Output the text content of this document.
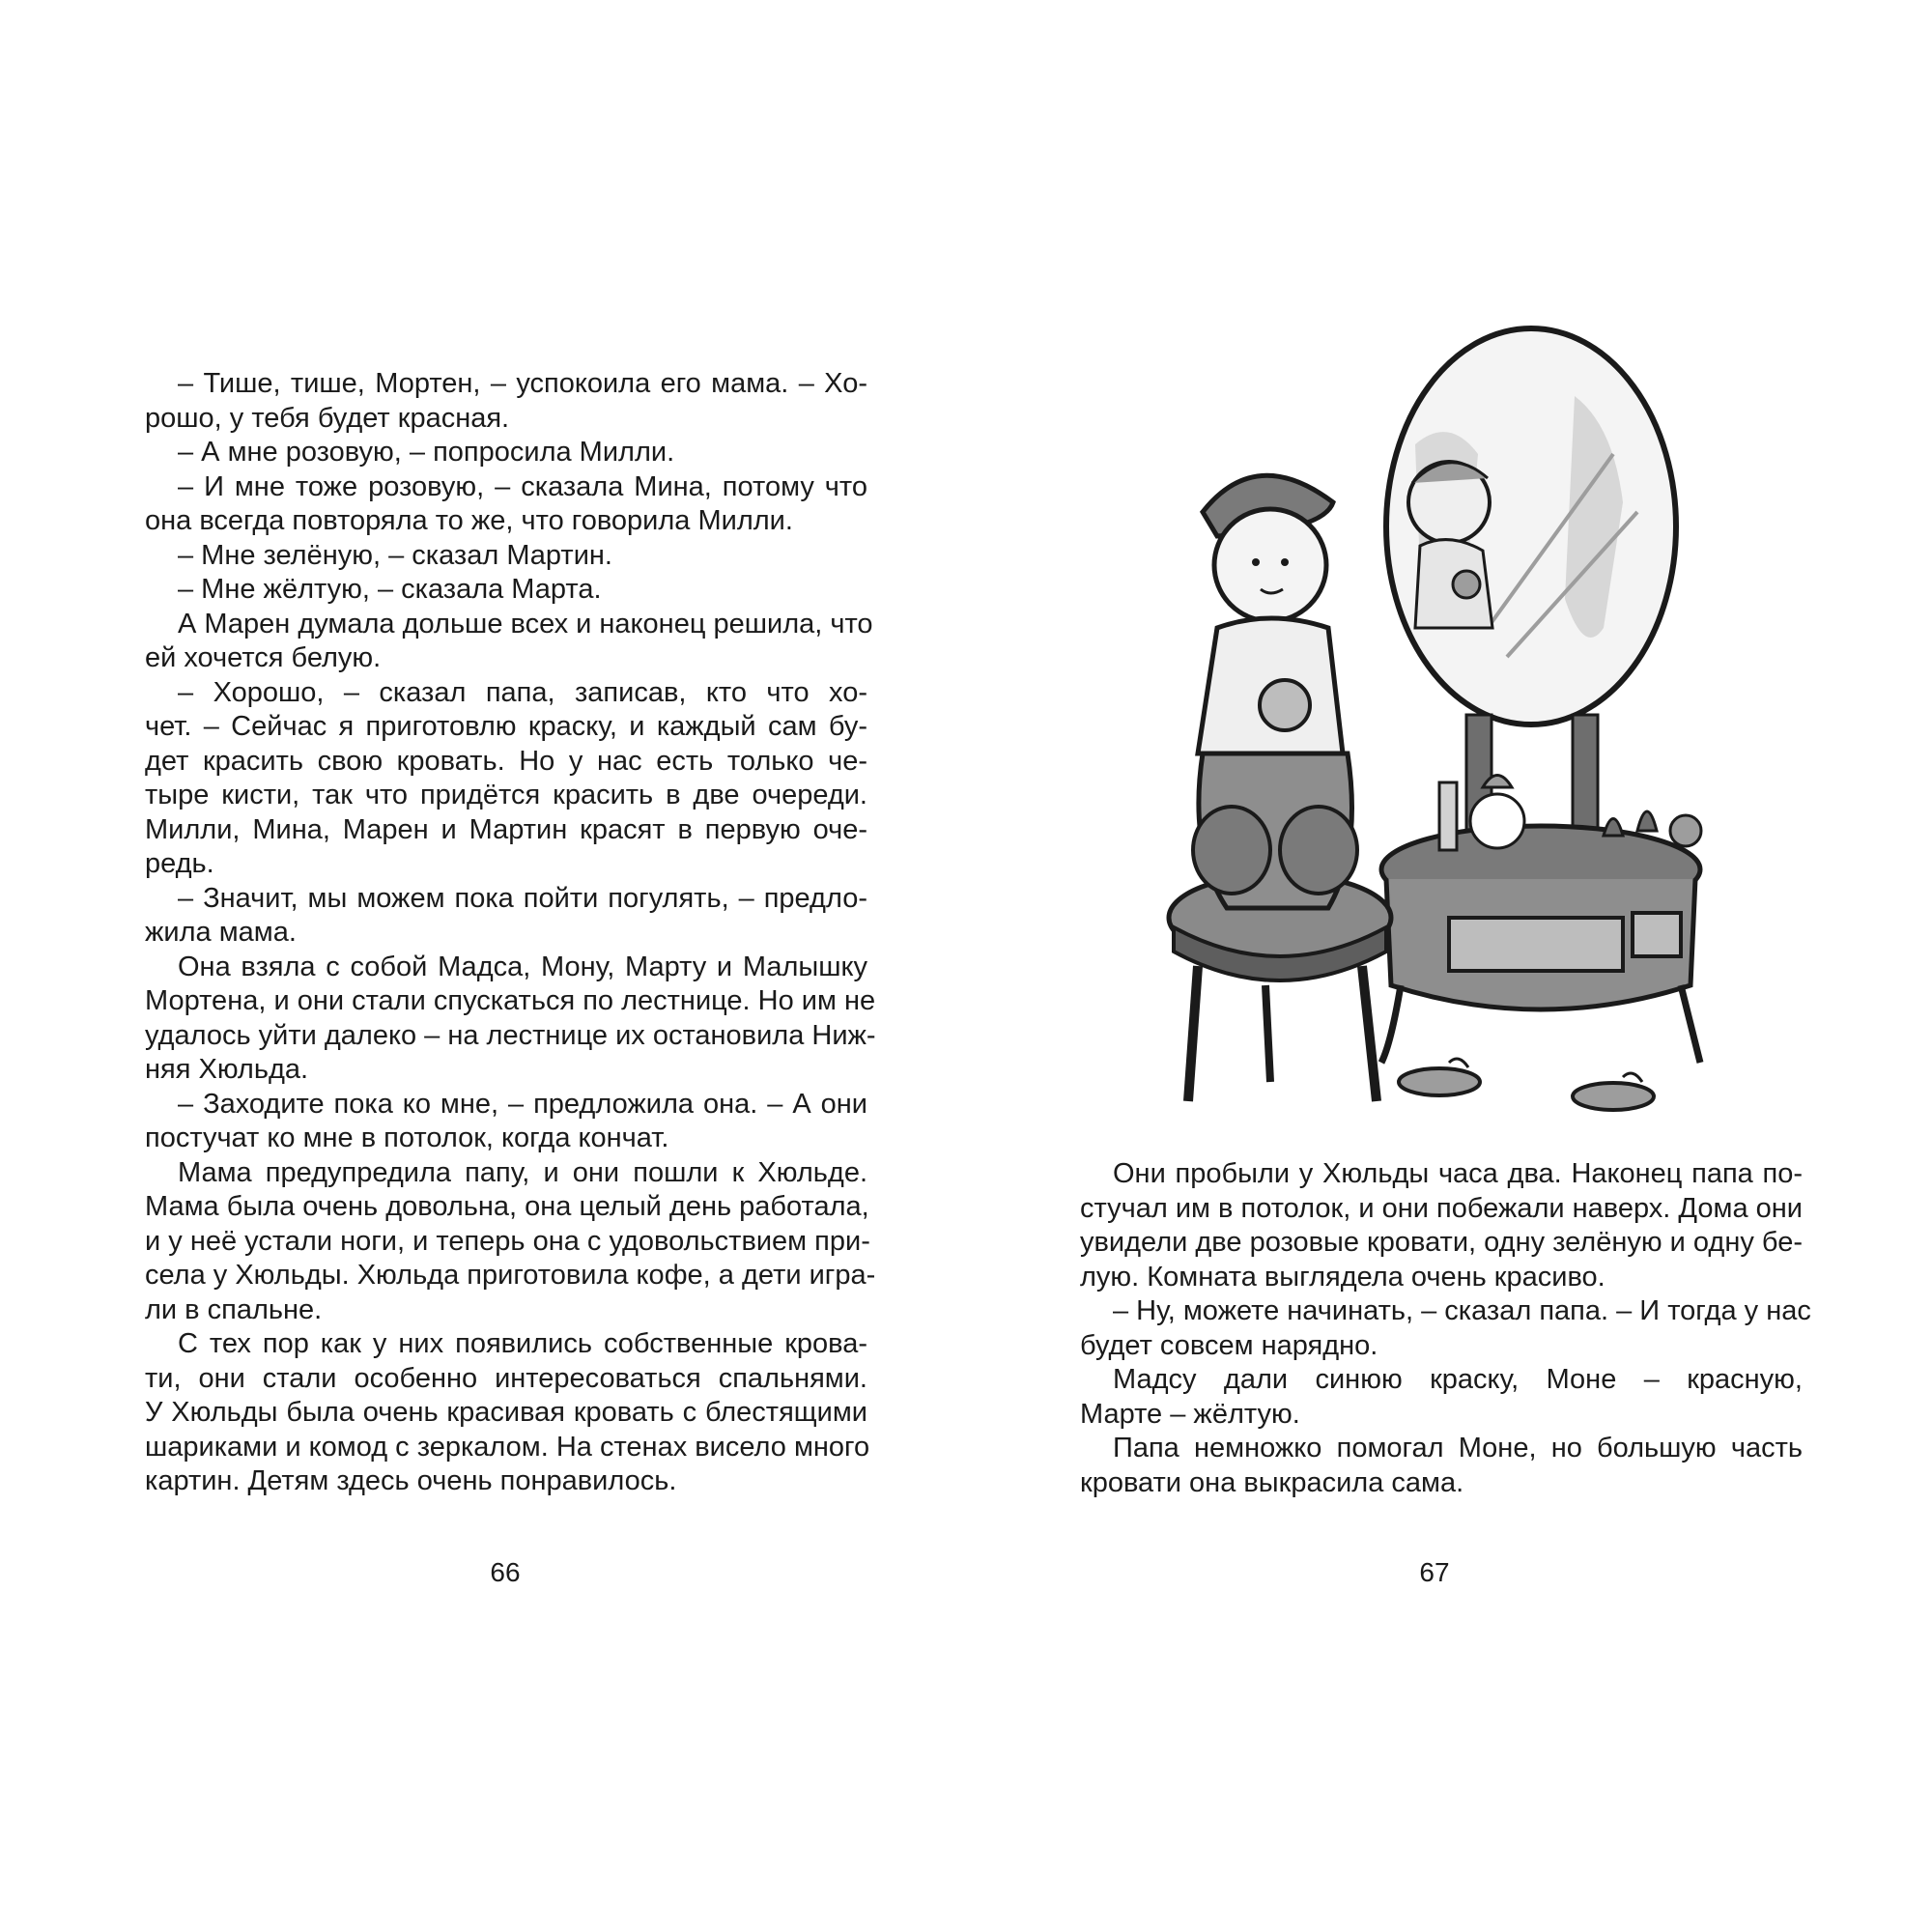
– Тише, тише, Мортен, – успокоила его мама. – Хо-
рошо, у тебя будет красная.
– А мне розовую, – попросила Милли.
– И мне тоже розовую, – сказала Мина, потому что
она всегда повторяла то же, что говорила Милли.
– Мне зелёную, – сказал Мартин.
– Мне жёлтую, – сказала Марта.
А Марен думала дольше всех и наконец решила, что
ей хочется белую.
– Хорошо, – сказал папа, записав, кто что хо-
чет. – Сейчас я приготовлю краску, и каждый сам бу-
дет красить свою кровать. Но у нас есть только че-
тыре кисти, так что придётся красить в две очереди.
Милли, Мина, Марен и Мартин красят в первую оче-
редь.
– Значит, мы можем пока пойти погулять, – предло-
жила мама.
Она взяла с собой Мадса, Мону, Марту и Малышку
Мортена, и они стали спускаться по лестнице. Но им не
удалось уйти далеко – на лестнице их остановила Ниж-
няя Хюльда.
– Заходите пока ко мне, – предложила она. – А они
постучат ко мне в потолок, когда кончат.
Мама предупредила папу, и они пошли к Хюльде.
Мама была очень довольна, она целый день работала,
и у неё устали ноги, и теперь она с удовольствием при-
села у Хюльды. Хюльда приготовила кофе, а дети игра-
ли в спальне.
С тех пор как у них появились собственные крова-
ти, они стали особенно интересоваться спальнями.
У Хюльды была очень красивая кровать с блестящими
шариками и комод с зеркалом. На стенах висело много
картин. Детям здесь очень понравилось.
66
Они пробыли у Хюльды часа два. Наконец папа по-
стучал им в потолок, и они побежали наверх. Дома они
увидели две розовые кровати, одну зелёную и одну бе-
лую. Комната выглядела очень красиво.
– Ну, можете начинать, – сказал папа. – И тогда у нас
будет совсем нарядно.
Мадсу дали синюю краску, Моне – красную,
Марте – жёлтую.
Папа немножко помогал Моне, но большую часть
кровати она выкрасила сама.
67
